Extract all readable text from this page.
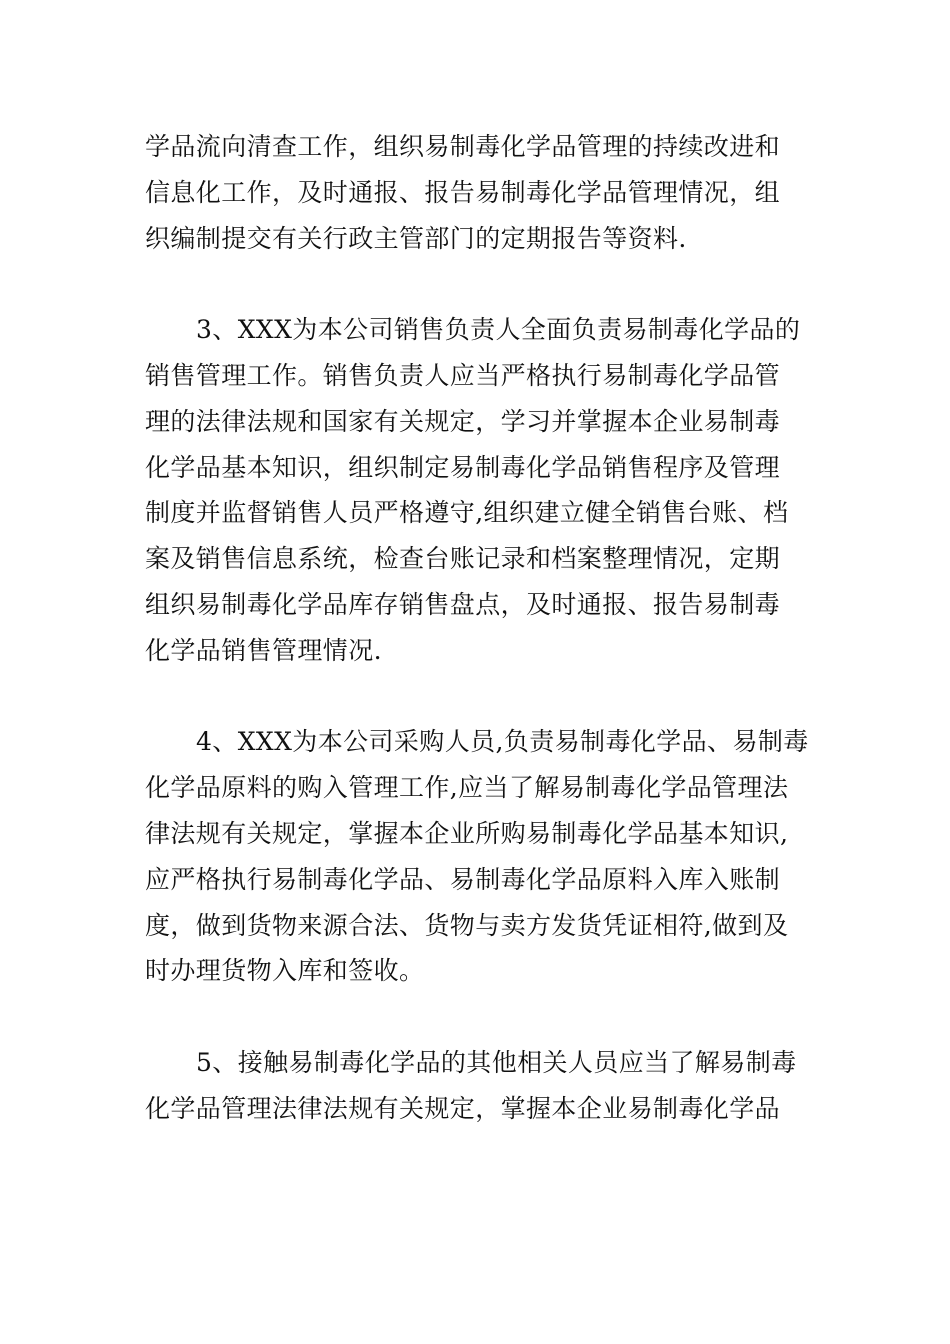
学品流向清查工作，组织易制毒化学品管理的持续改进和
信息化工作，及时通报、报告易制毒化学品管理情况，组
织编制提交有关行政主管部门的定期报告等资料.

3、XXX为本公司销售负责人全面负责易制毒化学品的
销售管理工作。销售负责人应当严格执行易制毒化学品管
理的法律法规和国家有关规定，学习并掌握本企业易制毒
化学品基本知识，组织制定易制毒化学品销售程序及管理
制度并监督销售人员严格遵守,组织建立健全销售台账、档
案及销售信息系统，检查台账记录和档案整理情况，定期
组织易制毒化学品库存销售盘点，及时通报、报告易制毒
化学品销售管理情况.

4、XXX为本公司采购人员,负责易制毒化学品、易制毒
化学品原料的购入管理工作,应当了解易制毒化学品管理法
律法规有关规定，掌握本企业所购易制毒化学品基本知识,
应严格执行易制毒化学品、易制毒化学品原料入库入账制
度，做到货物来源合法、货物与卖方发货凭证相符,做到及
时办理货物入库和签收。

5、接触易制毒化学品的其他相关人员应当了解易制毒
化学品管理法律法规有关规定，掌握本企业易制毒化学品
